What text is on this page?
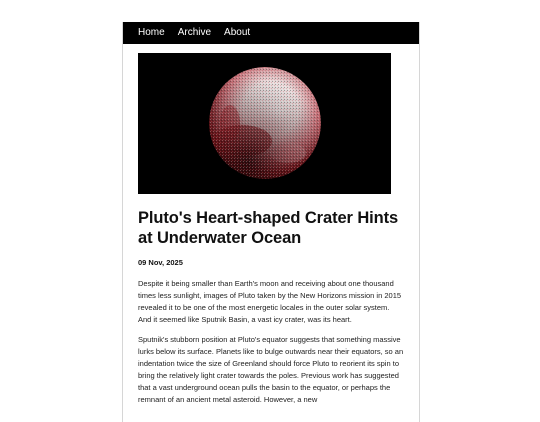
Home Archive About
Pluto's Heart-shaped Crater Hints at Underwater Ocean
09 Nov, 2025

Despite it being smaller than Earth's moon and receiving about one thousand times less sunlight, images of Pluto taken by the New Horizons mission in 2015 revealed it to be one of the most energetic locales in the outer solar system. And it seemed like Sputnik Basin, a vast icy crater, was its heart.

Sputnik's stubborn position at Pluto's equator suggests that something massive lurks below its surface. Planets like to bulge outwards near their equators, so an indentation twice the size of Greenland should force Pluto to reorient its spin to bring the relatively light crater towards the poles. Previous work has suggested that a vast underground ocean pulls the basin to the equator, or perhaps the remnant of an ancient metal asteroid. However, a new
